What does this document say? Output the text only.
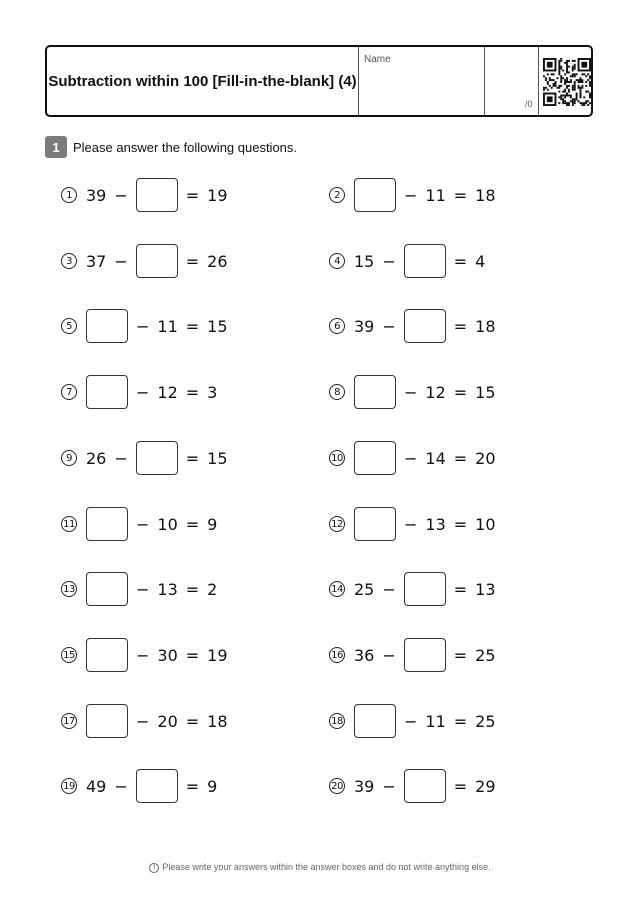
Subtraction within 100 [Fill-in-the-blank] (4)
Name
/0
1	Please answer the following questions.
1 39 −	= 19	2	− 11 = 18
3 37 −	= 26	4 15 −	= 4
5	− 11 = 15	6 39 −	= 18
7	− 12 = 3	8	− 12 = 15
9 26 −	= 15	10	− 14 = 20
11	− 10 = 9	12	− 13 = 10
13	− 13 = 2	14 25 −	= 13
15	− 30 = 19	16 36 −	= 25
17	− 20 = 18	18	− 11 = 25
19 49 −	= 9	20 39 −	= 29
! Please write your answers within the answer boxes and do not write anything else.
